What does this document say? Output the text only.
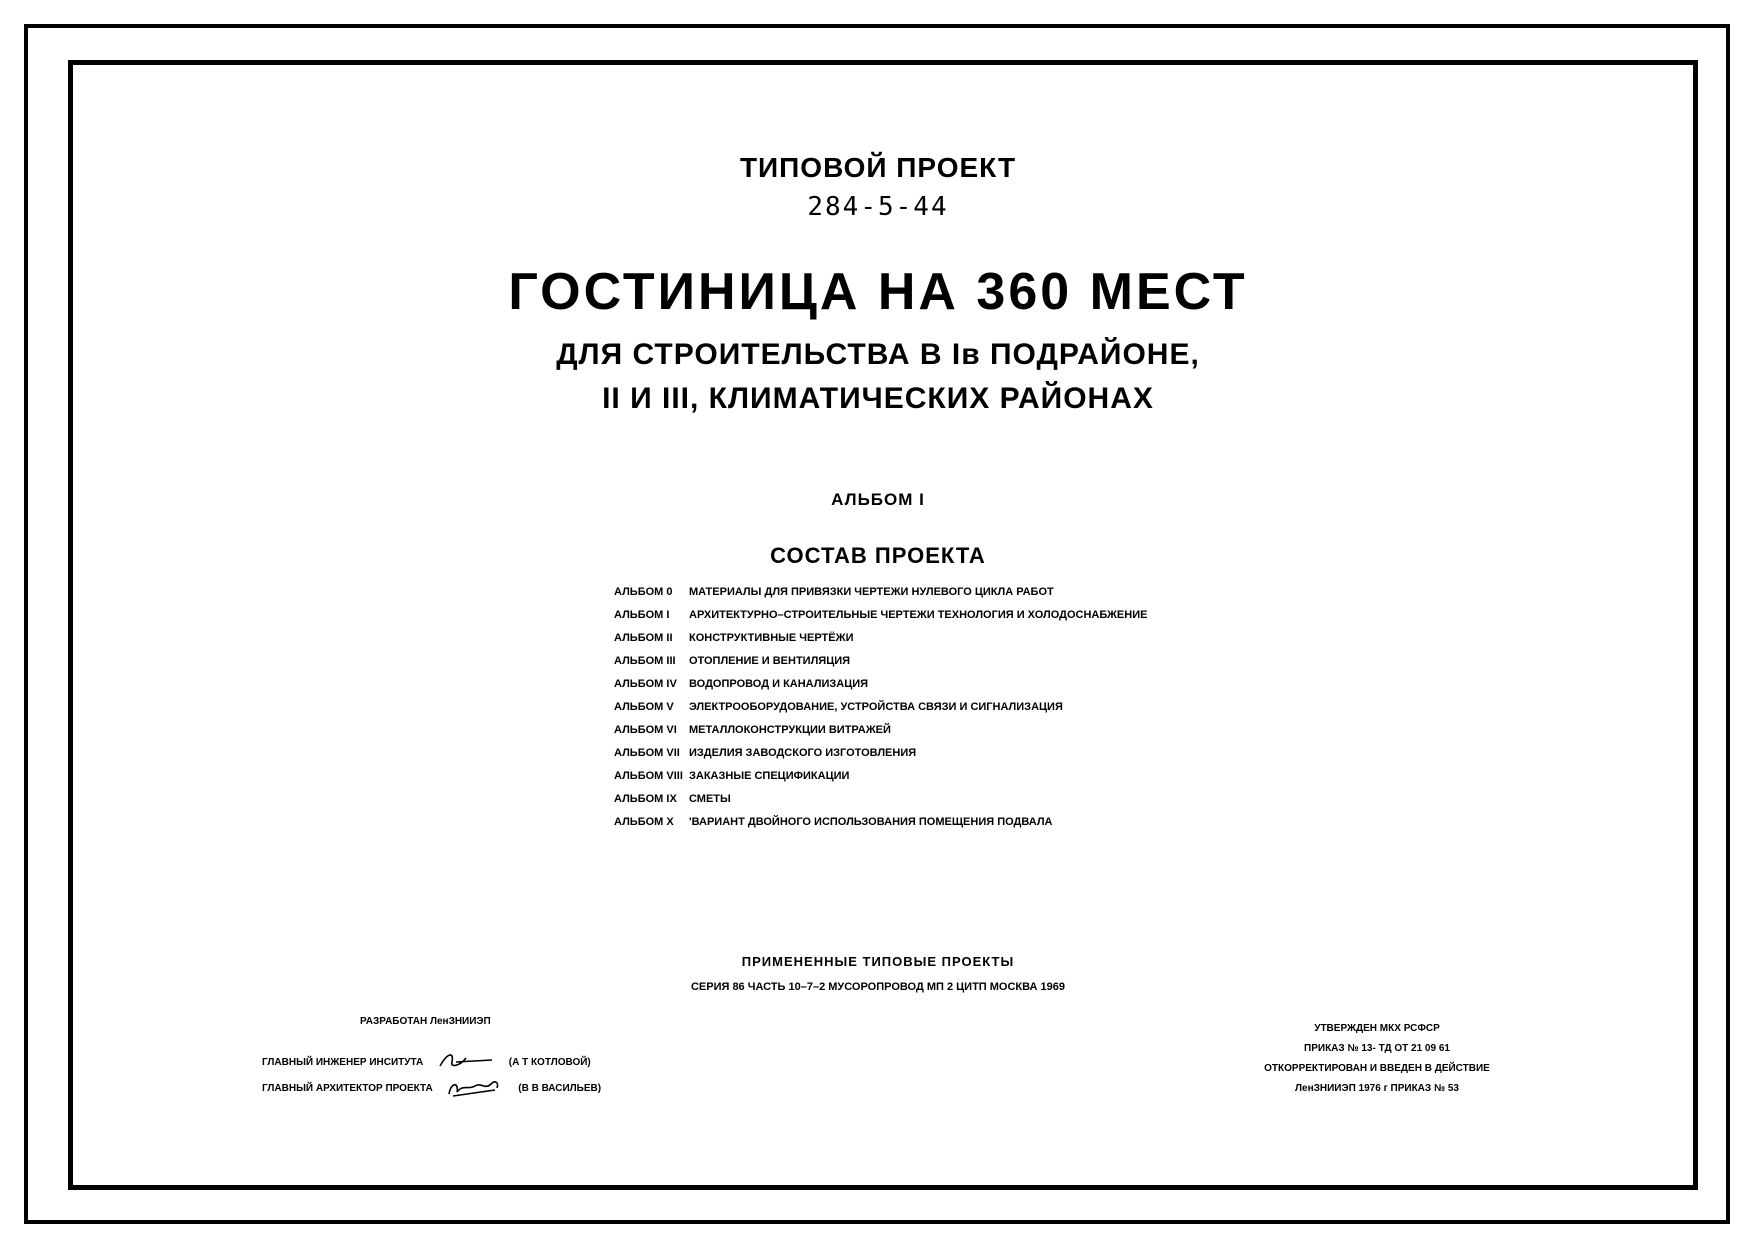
ТИПОВОЙ ПРОЕКТ
284-5-44
ГОСТИНИЦА НА 360 МЕСТ
ДЛЯ СТРОИТЕЛЬСТВА В Iв ПОДРАЙОНЕ,
II И III, КЛИМАТИЧЕСКИХ РАЙОНАХ
АЛЬБОМ I
СОСТАВ ПРОЕКТА
АЛЬБОМ 0	МАТЕРИАЛЫ ДЛЯ ПРИВЯЗКИ ЧЕРТЕЖИ НУЛЕВОГО ЦИКЛА РАБОТ
АЛЬБОМ I	АРХИТЕКТУРНО–СТРОИТЕЛЬНЫЕ ЧЕРТЕЖИ ТЕХНОЛОГИЯ И ХОЛОДОСНАБЖЕНИЕ
АЛЬБОМ II	КОНСТРУКТИВНЫЕ ЧЕРТЁЖИ
АЛЬБОМ III	ОТОПЛЕНИЕ И ВЕНТИЛЯЦИЯ
АЛЬБОМ IV	ВОДОПРОВОД И КАНАЛИЗАЦИЯ
АЛЬБОМ V	ЭЛЕКТРООБОРУДОВАНИЕ, УСТРОЙСТВА СВЯЗИ И СИГНАЛИЗАЦИЯ
АЛЬБОМ VI	МЕТАЛЛОКОНСТРУКЦИИ ВИТРАЖЕЙ
АЛЬБОМ VII ИЗДЕЛИЯ ЗАВОДСКОГО ИЗГОТОВЛЕНИЯ
АЛЬБОМ VIII ЗАКАЗНЫЕ СПЕЦИФИКАЦИИ
АЛЬБОМ IX	СМЕТЫ
АЛЬБОМ X	'ВАРИАНТ ДВОЙНОГО ИСПОЛЬЗОВАНИЯ ПОМЕЩЕНИЯ ПОДВАЛА
ПРИМЕНЕННЫЕ ТИПОВЫЕ ПРОЕКТЫ
СЕРИЯ 86 ЧАСТЬ 10–7–2 МУСОРОПРОВОД МП 2 ЦИТП МОСКВА 1969
РАЗРАБОТАН ЛенЗНИИЭП
ГЛАВНЫЙ ИНЖЕНЕР ИНСИТУТА	(А Т КОТЛОВОЙ)
ГЛАВНЫЙ АРХИТЕКТОР ПРОЕКТА	(В В ВАСИЛЬЕВ)
УТВЕРЖДЕН МКХ РСФСР
ПРИКАЗ № 13- ТД ОТ 21 09 61
ОТКОРРЕКТИРОВАН И ВВЕДЕН В ДЕЙСТВИЕ
ЛенЗНИИЭП 1976 г ПРИКАЗ № 53
